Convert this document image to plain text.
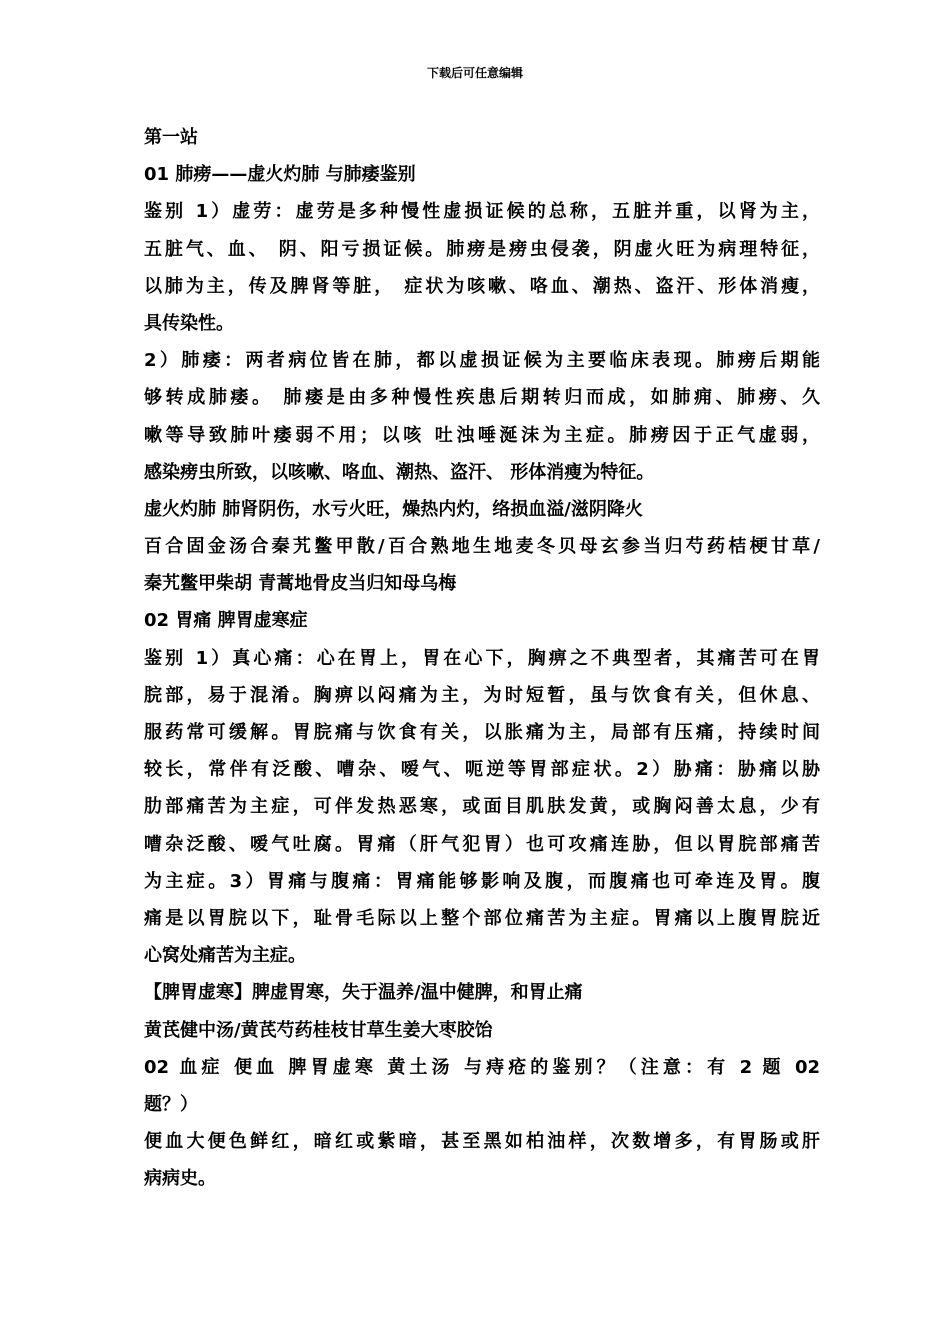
下载后可任意编辑
第一站
01 肺痨——虚火灼肺 与肺痿鉴别
鉴别 1）虚劳：虚劳是多种慢性虚损证候的总称，五脏并重，以肾为主，
五脏气、血、 阴、阳亏损证候。肺痨是痨虫侵袭，阴虚火旺为病理特征，
以肺为主，传及脾肾等脏， 症状为咳嗽、咯血、潮热、盗汗、形体消瘦，
具传染性。
2）肺痿：两者病位皆在肺，都以虚损证候为主要临床表现。肺痨后期能
够转成肺痿。 肺痿是由多种慢性疾患后期转归而成，如肺痈、肺痨、久
嗽等导致肺叶痿弱不用；以咳 吐浊唾涎沫为主症。肺痨因于正气虚弱，
感染痨虫所致，以咳嗽、咯血、潮热、盗汗、 形体消瘦为特征。
虚火灼肺 肺肾阴伤，水亏火旺，燥热内灼，络损血溢/滋阴降火
百合固金汤合秦艽鳖甲散/百合熟地生地麦冬贝母玄参当归芍药桔梗甘草/
秦艽鳖甲柴胡 青蒿地骨皮当归知母乌梅
02 胃痛 脾胃虚寒症
鉴别 1）真心痛：心在胃上，胃在心下，胸痹之不典型者，其痛苦可在胃
脘部，易于混淆。胸痹以闷痛为主，为时短暂，虽与饮食有关，但休息、
服药常可缓解。胃脘痛与饮食有关，以胀痛为主，局部有压痛，持续时间
较长，常伴有泛酸、嘈杂、嗳气、呃逆等胃部症状。2）胁痛：胁痛以胁
肋部痛苦为主症，可伴发热恶寒，或面目肌肤发黄，或胸闷善太息，少有
嘈杂泛酸、嗳气吐腐。胃痛（肝气犯胃）也可攻痛连胁，但以胃脘部痛苦
为主症。3）胃痛与腹痛：胃痛能够影响及腹，而腹痛也可牵连及胃。腹
痛是以胃脘以下，耻骨毛际以上整个部位痛苦为主症。胃痛以上腹胃脘近
心窝处痛苦为主症。
【脾胃虚寒】脾虚胃寒，失于温养/温中健脾，和胃止痛
黄芪健中汤/黄芪芍药桂枝甘草生姜大枣胶饴
02 血症 便血 脾胃虚寒 黄土汤 与痔疮的鉴别？（注意：有 2 题 02
题？）
便血大便色鲜红，暗红或紫暗，甚至黑如柏油样，次数增多，有胃肠或肝
病病史。
